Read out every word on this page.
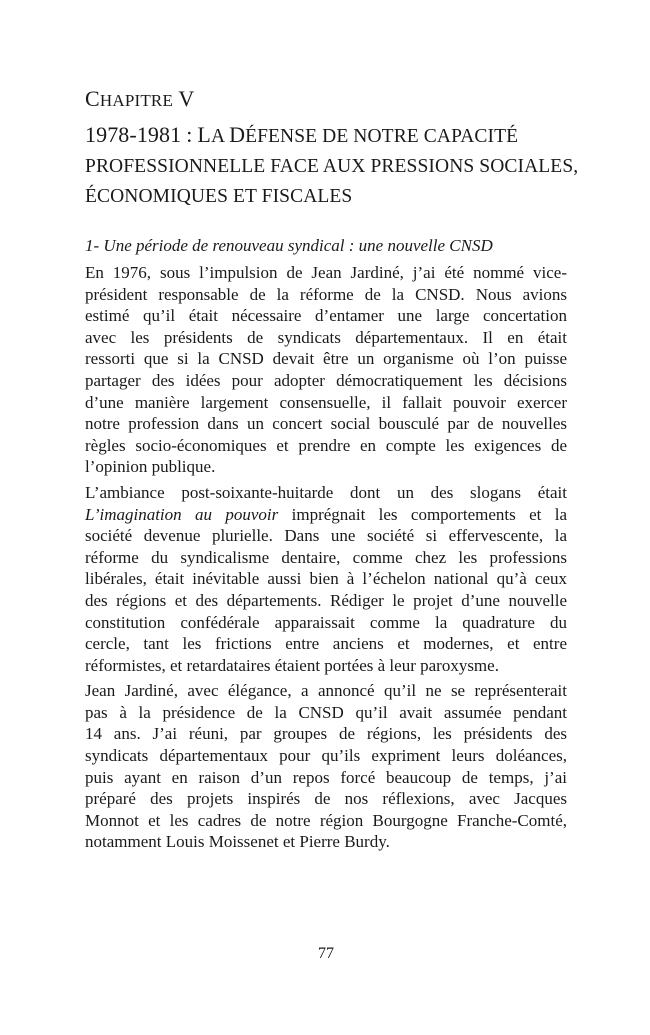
CHAPITRE V
1978-1981 : LA DÉFENSE DE NOTRE CAPACITÉ
PROFESSIONNELLE FACE AUX PRESSIONS SOCIALES,
ÉCONOMIQUES ET FISCALES
1- Une période de renouveau syndical : une nouvelle CNSD
En 1976, sous l’impulsion de Jean Jardiné, j’ai été nommé vice-
président responsable de la réforme de la CNSD. Nous avions
estimé qu’il était nécessaire d’entamer une large concertation
avec les présidents de syndicats départementaux. Il en était
ressorti que si la CNSD devait être un organisme où l’on puisse
partager des idées pour adopter démocratiquement les décisions
d’une manière largement consensuelle, il fallait pouvoir exercer
notre profession dans un concert social bousculé par de nouvelles
règles socio-économiques et prendre en compte les exigences de
l’opinion publique.
L’ambiance post-soixante-huitarde dont un des slogans était
L’imagination au pouvoir imprégnait les comportements et la
société devenue plurielle. Dans une société si effervescente, la
réforme du syndicalisme dentaire, comme chez les professions
libérales, était inévitable aussi bien à l’échelon national qu’à ceux
des régions et des départements. Rédiger le projet d’une nouvelle
constitution confédérale apparaissait comme la quadrature du
cercle, tant les frictions entre anciens et modernes, et entre
réformistes, et retardataires étaient portées à leur paroxysme.
Jean Jardiné, avec élégance, a annoncé qu’il ne se représenterait
pas à la présidence de la CNSD qu’il avait assumée pendant
14 ans. J’ai réuni, par groupes de régions, les présidents des
syndicats départementaux pour qu’ils expriment leurs doléances,
puis ayant en raison d’un repos forcé beaucoup de temps, j’ai
préparé des projets inspirés de nos réflexions, avec Jacques
Monnot et les cadres de notre région Bourgogne Franche-Comté,
notamment Louis Moissenet et Pierre Burdy.
77
